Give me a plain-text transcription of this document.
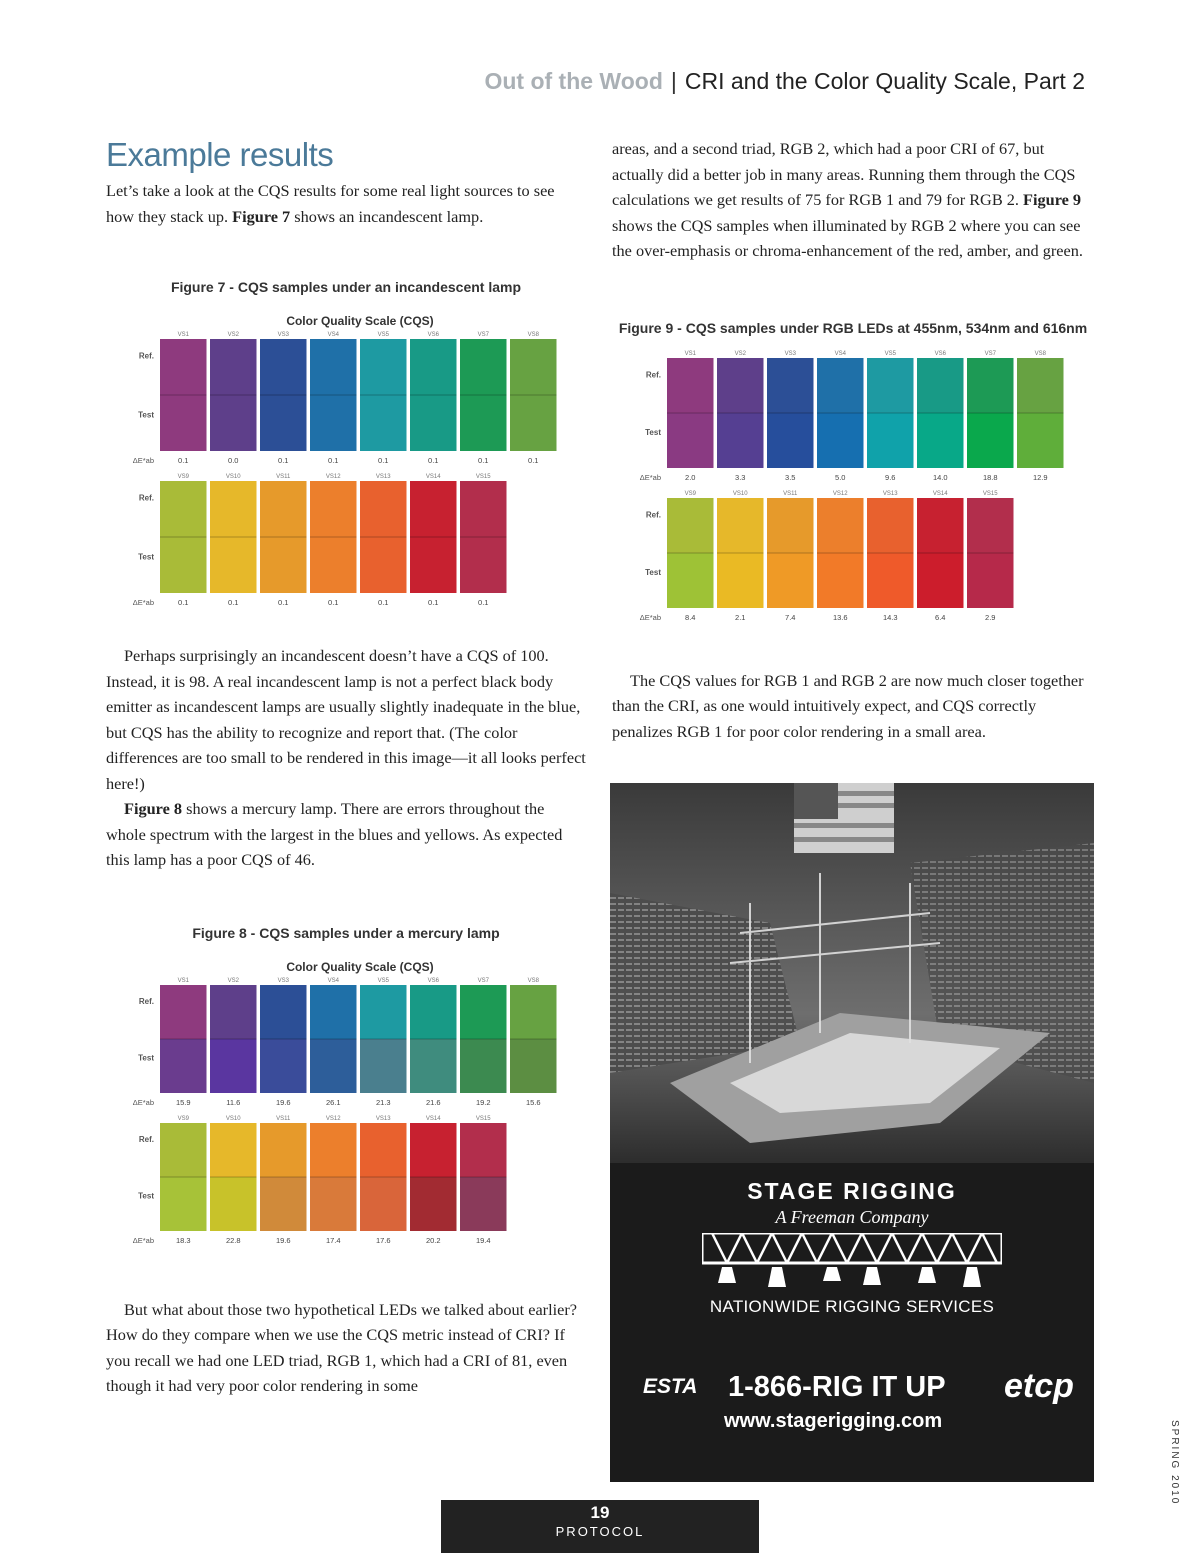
Out of the Wood | CRI and the Color Quality Scale, Part 2
Example results

Let’s take a look at the CQS results for some real light sources to see how they stack up. Figure 7 shows an incandescent lamp.

Figure 7 - CQS samples under an incandescent lamp
Color Quality Scale (CQS)
VS1	VS2	VS3	VS4	VS5	VS6	VS7	VS8
Ref.
Test
0.1	0.0	0.1	0.1	0.1	0.1	0.1	0.1
ΔE*ab
VS9	VS10	VS11	VS12	VS13	VS14	VS15
Ref.
Test
0.1	0.1	0.1	0.1	0.1	0.1	0.1
ΔE*ab

Perhaps surprisingly an incandescent doesn’t have a CQS of 100. Instead, it is 98. A real incandescent lamp is not a perfect black body emitter as incandescent lamps are usually slightly inadequate in the blue, but CQS has the ability to recognize and report that. (The color differences are too small to be rendered in this image—it all looks perfect here!)

Figure 8 shows a mercury lamp. There are errors throughout the whole spectrum with the largest in the blues and yellows. As expected this lamp has a poor CQS of 46.

Figure 8 - CQS samples under a mercury lamp
Color Quality Scale (CQS)
VS1	VS2	VS3	VS4	VS5	VS6	VS7	VS8
Ref.
Test
15.9	11.6	19.6	26.1	21.3	21.6	19.2	15.6
ΔE*ab
VS9	VS10	VS11	VS12	VS13	VS14	VS15
Ref.
Test
18.3	22.8	19.6	17.4	17.6	20.2	19.4
ΔE*ab

But what about those two hypothetical LEDs we talked about earlier? How do they compare when we use the CQS metric instead of CRI? If you recall we had one LED triad, RGB 1, which had a CRI of 81, even though it had very poor color rendering in some

areas, and a second triad, RGB 2, which had a poor CRI of 67, but actually did a better job in many areas. Running them through the CQS calculations we get results of 75 for RGB 1 and 79 for RGB 2. Figure 9 shows the CQS samples when illuminated by RGB 2 where you can see the over-emphasis or chroma-enhancement of the red, amber, and green.

Figure 9 - CQS samples under RGB LEDs at 455nm, 534nm and 616nm
VS1	VS2	VS3	VS4	VS5	VS6	VS7	VS8
Ref.
Test
2.0	3.3	3.5	5.0	9.6	14.0	18.8	12.9
ΔE*ab
VS9	VS10	VS11	VS12	VS13	VS14	VS15
Ref.
Test
8.4	2.1	7.4	13.6	14.3	6.4	2.9
ΔE*ab

The CQS values for RGB 1 and RGB 2 are now much closer together than the CRI, as one would intuitively expect, and CQS correctly penalizes RGB 1 for poor color rendering in a small area.

STAGE RIGGING
A Freeman Company
NATIONWIDE RIGGING SERVICES
ESTA 1-866-RIG IT UP
www.stagerigging.com
etcp
19
PROTOCOL
SPRING 2010
